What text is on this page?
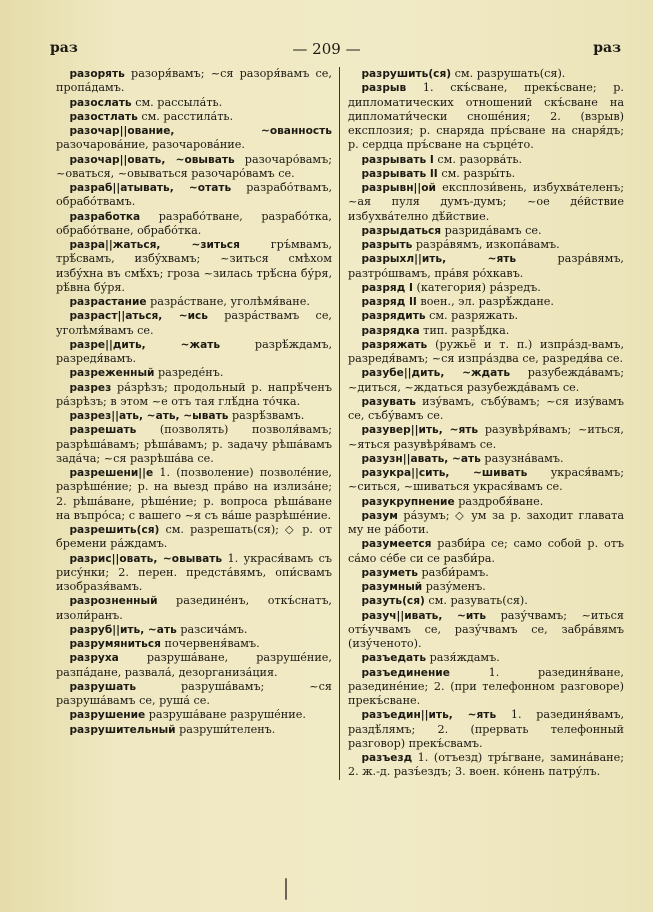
раз	— 209 —	раз
разорять разоря́вамъ; ~ся разоря́вамъ се, пропа́дамъ.
разослать см. рассыла́ть.
разостлать см. расстила́ть.
разочар||ование, ~ованность разочарова́ние, разочарова́ние.
разочар||овать, ~овывать разочаро́вамъ; ~оваться, ~овываться разочаро́вамъ се.
разраб||атывать, ~отать разрабо́твамъ, обрабо́твамъ.
разработка разрабо́тване, разрабо́тка, обрабо́тване, обрабо́тка.
разра||жаться, ~зиться гръ́мвамъ, трѣ́свамъ, избу́хвамъ; ~зиться смѣхом избу́хна въ смѣ́хъ; гроза ~зилась трѣ́сна бу́ря, рѣ́вна бу́ря.
разрастание разра́стване, уголѣмя́ване.
разраст||аться, ~ись разра́ствамъ се, уголѣмя́вамъ се.
разре||дить, ~жать разрѣ́ждамъ, разредя́вамъ.
разреженный разреде́нъ.
разрез ра́зрѣзъ; продольный р. напрѣ́ченъ ра́зрѣзъ; в этом ~е отъ тая глѣ́дна то́чка.
разрез||ать, ~ать, ~ывать разрѣ́звамъ.
разрешать (позволять) позволя́вамъ; разрѣша́вамъ; рѣша́вамъ; р. задачу рѣша́вамъ зада́ча; ~ся разрѣша́ва се.
разрешени||е 1. (позволение) позволе́ние, разрѣше́ние; р. на выезд пра́во на излиза́не; 2. рѣша́ване, рѣше́ние; р. вопроса рѣша́ване на въпро́са; с вашего ~я съ ва́ше разрѣше́ние.
разрешить(ся) см. разрешать(ся); ◇ р. от бремени ра́ждамъ.
разрис||овать, ~овывать 1. украся́вамъ съ рису́нки; 2. перен. предста́вямъ, опи́свамъ изобразя́вамъ.
разрозненный разедине́нъ, откъ́снатъ, изоли́ранъ.
разруб||ить, ~ать разсича́мъ.
разрумяниться почервеня́вамъ.
разруха разруша́ване, разруше́ние, разпа́дане, развала́, дезорганиза́ция.
разрушать разруша́вамъ; ~ся разруша́вамъ се, руша́ се.
разрушение разруша́ване разруше́ние.
разрушительный разруши́теленъ.
разрушить(ся) см. разрушать(ся).
разрыв 1. скъ́сване, прекъ́сване; р. дипломатических отношений скъ́сване на дипломати́чески сноше́ния; 2. (взрыв) експлозия; р. снаряда пръ́сване на снаря́дъ; р. сердца пръ́сване на сърце́то.
разрывать I см. разорва́ть.
разрывать II см. разры́ть.
разрывн||ой експлози́вень, избухва́теленъ; ~ая пуля думъ-думъ; ~ое де́йствие избухва́телно дѣ́йствие.
разрыдаться разрида́вамъ се.
разрыть разра́вямъ, изкопа́вамъ.
разрыхл||ить, ~ять разра́вямъ, разтро́швамъ, пра́вя ро́хкавъ.
разряд I (категория) ра́зредъ.
разряд II воен., эл. разрѣ́ждане.
разрядить см. разряжать.
разрядка тип. разрѣ́дка.
разряжать (ружьё и т. п.) изпра́зд-вамъ, разредя́вамъ; ~ся изпра́здва се, разредя́ва се.
разубе||дить, ~ждать разубежда́вамъ; ~диться, ~ждаться разубежда́вамъ се.
разувать изу́вамъ, събу́вамъ; ~ся изу́вамъ се, събу́вамъ се.
разувер||ить, ~ять разувѣря́вамъ; ~иться, ~яться разувѣря́вамъ се.
разузн||авать, ~ать разузна́вамъ.
разукра||сить, ~шивать украся́вамъ; ~ситься, ~шиваться украся́вамъ се.
разукрупнение раздробя́ване.
разум ра́зумъ; ◇ ум за р. заходит главата му не ра́боти.
разумеется разби́ра се; само собой р. отъ са́мо се́бе си се разби́ра.
разуметь разби́рамъ.
разумный разу́менъ.
разуть(ся) см. разувать(ся).
разуч||ивать, ~ить разу́чвамъ; ~иться отъ́учвамъ се, разу́чвамъ се, забра́вямъ (изу́ченото).
разъедать разя́ждамъ.
разъединение 1. разединя́ване, разедине́ние; 2. (при телефонном разговоре) прекъ́сване.
разъедин||ить, ~ять 1. разединя́вамъ, раздѣ́лямъ; 2. (прервать телефонный разговор) прекъ́свамъ.
разъезд 1. (отъезд) тръ́гване, замина́ване; 2. ж.-д. разъ́ездъ; 3. воен. ко́нень патру́лъ.
